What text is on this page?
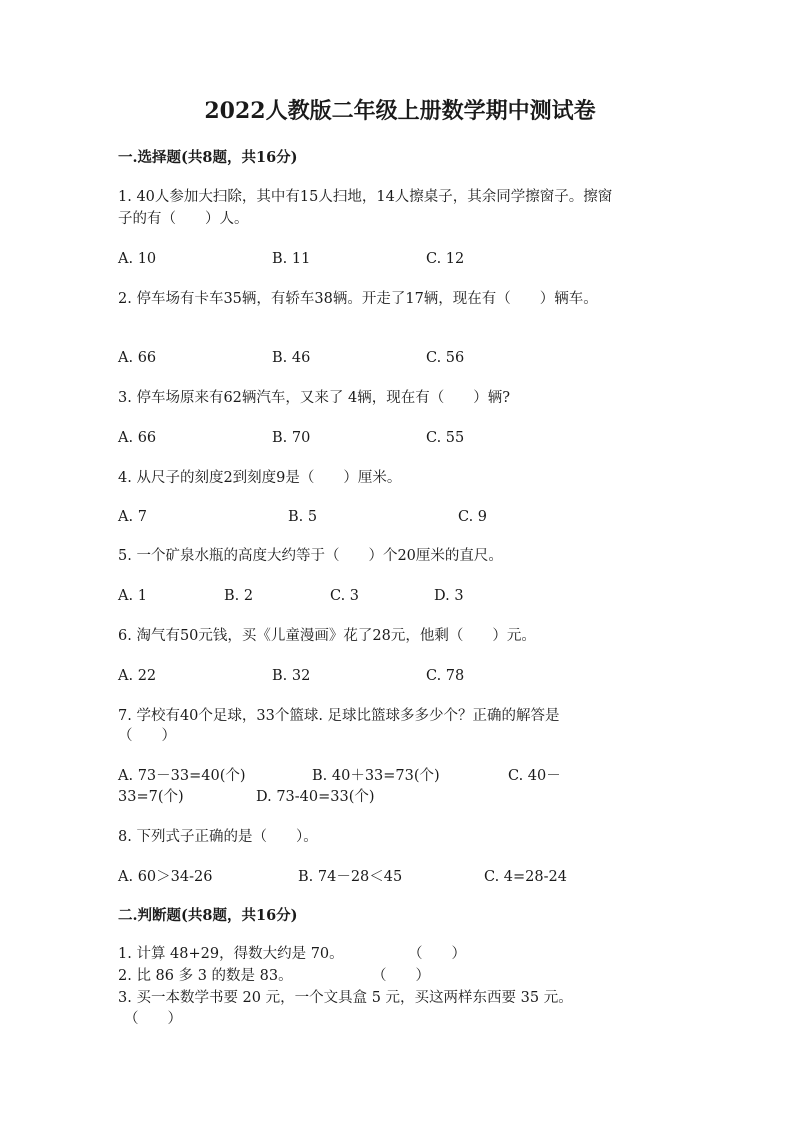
2022人教版二年级上册数学期中测试卷
一.选择题(共8题，共16分)
1. 40人参加大扫除，其中有15人扫地，14人擦桌子，其余同学擦窗子。擦窗
子的有（　　）人。
A. 10	B. 11	C. 12
2. 停车场有卡车35辆，有轿车38辆。开走了17辆，现在有（　　）辆车。
A. 66	B. 46	C. 56
3. 停车场原来有62辆汽车，又来了 4辆，现在有（　　）辆?
A. 66	B. 70	C. 55
4. 从尺子的刻度2到刻度9是（　　）厘米。
A. 7	B. 5	C. 9
5. 一个矿泉水瓶的高度大约等于（　　）个20厘米的直尺。
A. 1	B. 2	C. 3	D. 3
6. 淘气有50元钱，买《儿童漫画》花了28元，他剩（　　）元。
A. 22	B. 32	C. 78
7. 学校有40个足球，33个篮球. 足球比篮球多多少个？正确的解答是
（　　）
A. 73－33=40(个)	B. 40＋33=73(个)	C. 40－
33=7(个)	D. 73-40=33(个)
8. 下列式子正确的是（　　）。
A. 60＞34-26	B. 74－28＜45	C. 4=28-24
二.判断题(共8题，共16分)
1. 计算 48+29，得数大约是 70。	（　　）
2. 比 86 多 3 的数是 83。	（　　）
3. 买一本数学书要 20 元，一个文具盒 5 元，买这两样东西要 35 元。
（　　）
